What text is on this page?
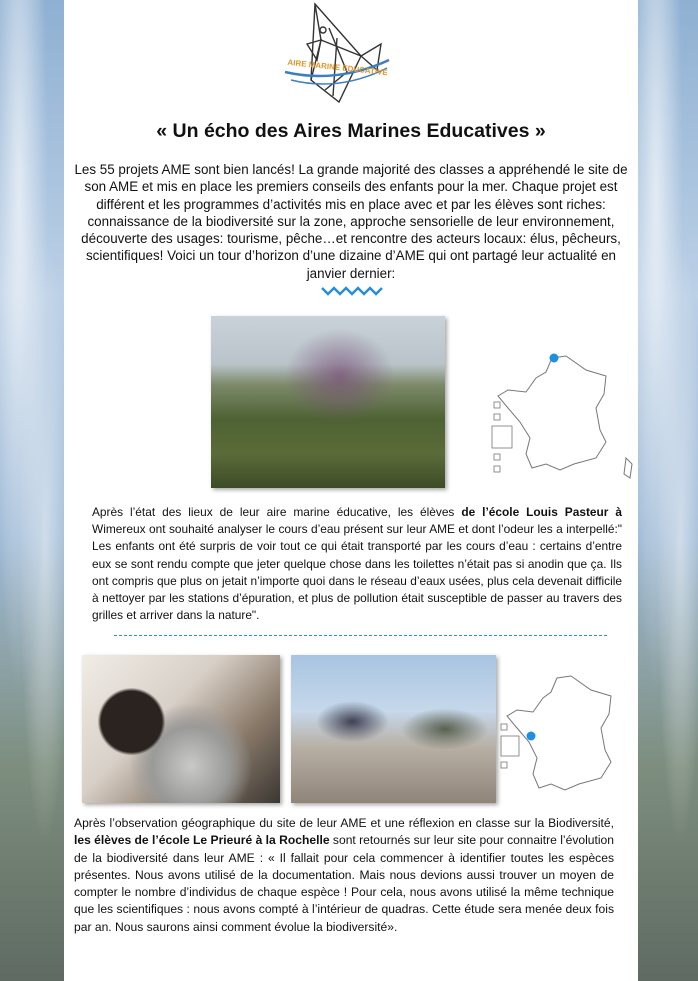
AIRE MARINE EDUCATIVE
« Un écho des Aires Marines Educatives »

Les 55 projets AME sont bien lancés! La grande majorité des classes a appréhendé le site de son AME et mis en place les premiers conseils des enfants pour la mer. Chaque projet est différent et les programmes d’activités mis en place avec et par les élèves sont riches: connaissance de la biodiversité sur la zone, approche sensorielle de leur environnement, découverte des usages: tourisme, pêche…et rencontre des acteurs locaux: élus, pêcheurs, scientifiques! Voici un tour d’horizon d’une dizaine d’AME qui ont partagé leur actualité en janvier dernier:

Après l’état des lieux de leur aire marine éducative, les élèves de l’école Louis Pasteur à Wimereux ont souhaité analyser le cours d’eau présent sur leur AME et dont l’odeur les a interpellé:" Les enfants ont été surpris de voir tout ce qui était transporté par les cours d’eau : certains d’entre eux se sont rendu compte que jeter quelque chose dans les toilettes n’était pas si anodin que ça. Ils ont compris que plus on jetait n’importe quoi dans le réseau d’eaux usées, plus cela devenait difficile à nettoyer par les stations d’épuration, et plus de pollution était susceptible de passer au travers des grilles et arriver dans la nature".

Après l’observation géographique du site de leur AME et une réflexion en classe sur la Biodiversité, les élèves de l’école Le Prieuré à la Rochelle sont retournés sur leur site pour connaitre l’évolution de la biodiversité dans leur AME : « Il fallait pour cela commencer à identifier toutes les espèces présentes. Nous avons utilisé de la documentation. Mais nous devions aussi trouver un moyen de compter le nombre d’individus de chaque espèce ! Pour cela, nous avons utilisé la même technique que les scientifiques : nous avons compté à l’intérieur de quadras. Cette étude sera menée deux fois par an. Nous saurons ainsi comment évolue la biodiversité».
